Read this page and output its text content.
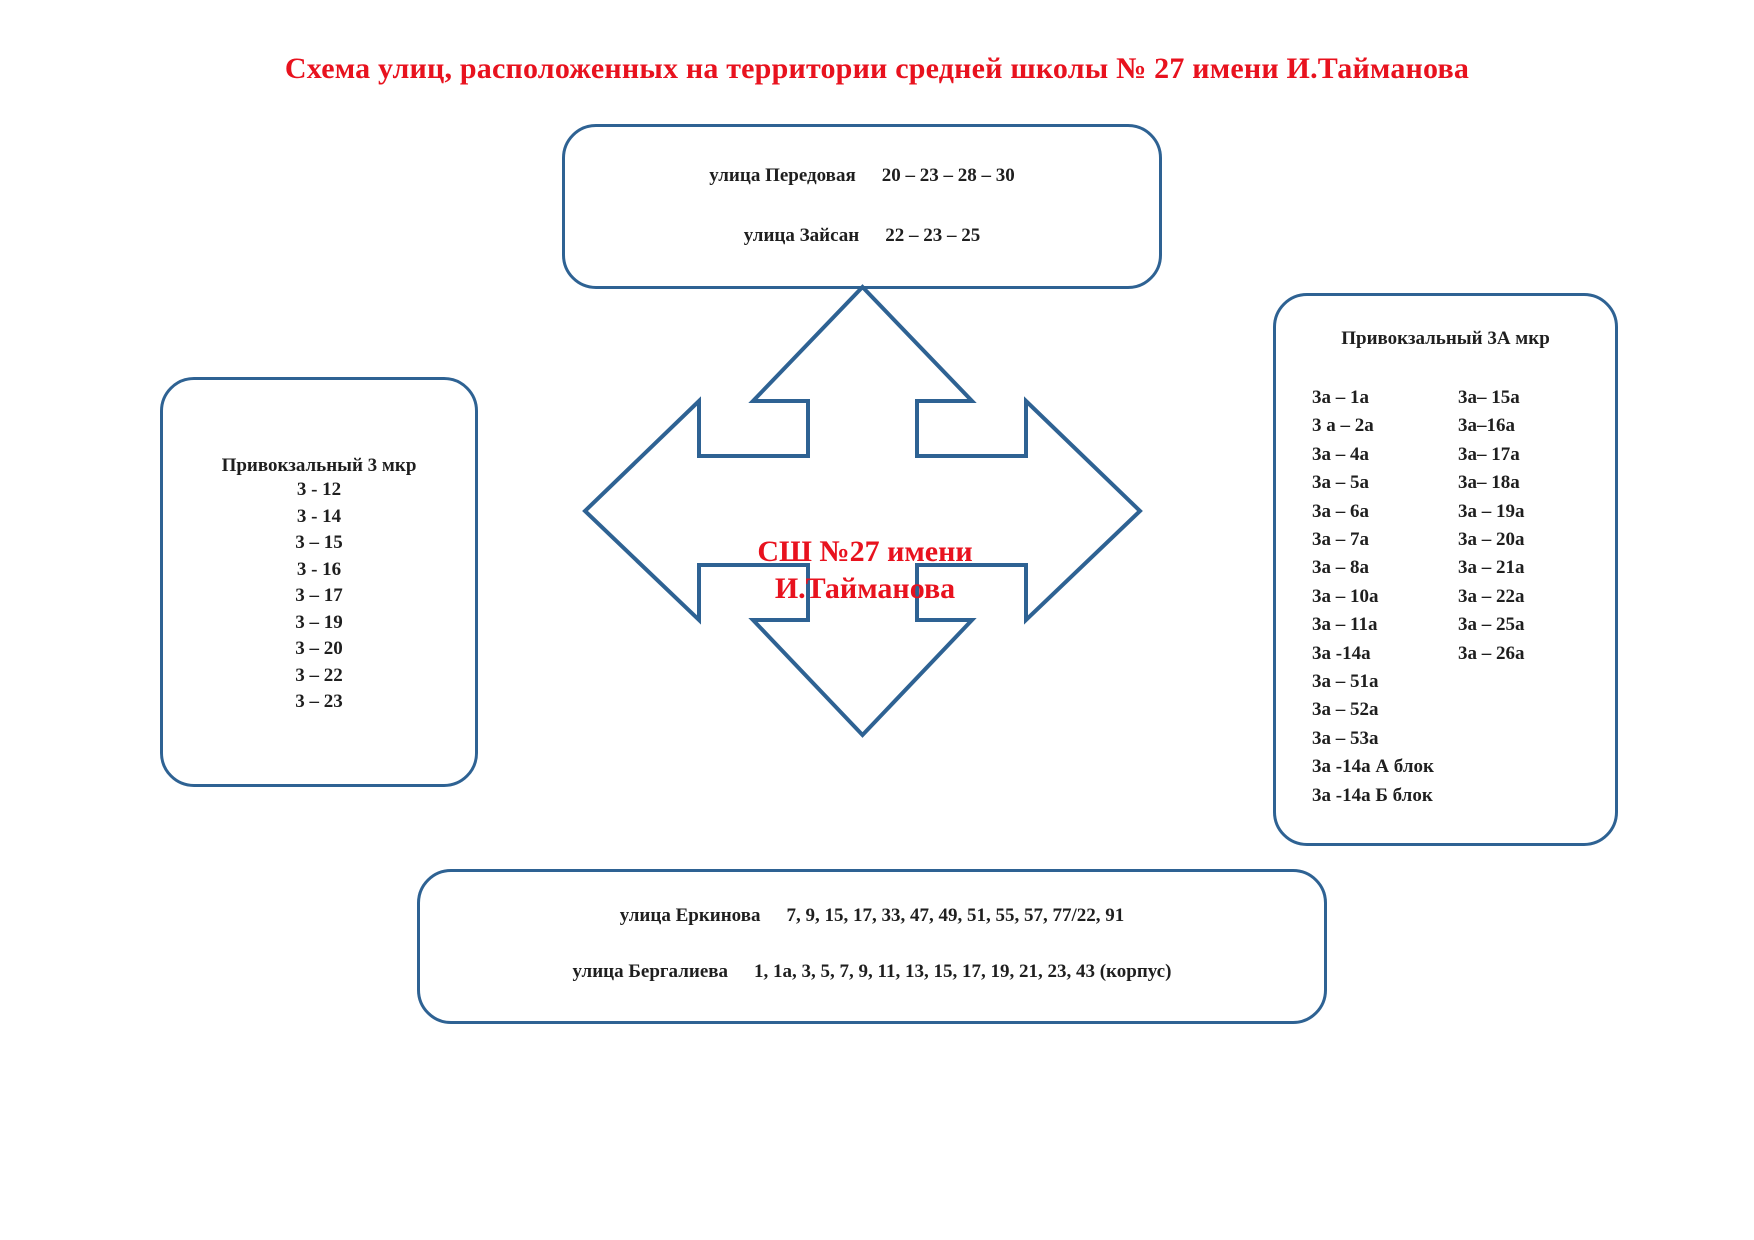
Схема улиц, расположенных на территории средней школы № 27 имени И.Тайманова
улица Передовая 20 – 23 – 28 – 30
улица Зайсан 22 – 23 – 25
Привокзальный 3 мкр
3 - 12
3 - 14
3 – 15
3 - 16
3 – 17
3 – 19
3 – 20
3 – 22
3 – 23
Привокзальный 3А мкр
3а – 1а
3 а – 2а
3а – 4а
3а – 5а
3а – 6а
3а – 7а
3а – 8а
3а – 10а
3а – 11а
3а -14а
3а – 51а
3а – 52а
3а – 53а
3а -14а А блок
3а -14а Б блок
3а– 15а
3а–16а
3а– 17а
3а– 18а
3а – 19а
3а – 20а
3а – 21а
3а – 22а
3а – 25а
3а – 26а
улица Еркинова 7, 9, 15, 17, 33, 47, 49, 51, 55, 57, 77/22, 91
улица Бергалиева 1, 1а, 3, 5, 7, 9, 11, 13, 15, 17, 19, 21, 23, 43 (корпус)
СШ №27 имени
И.Тайманова
